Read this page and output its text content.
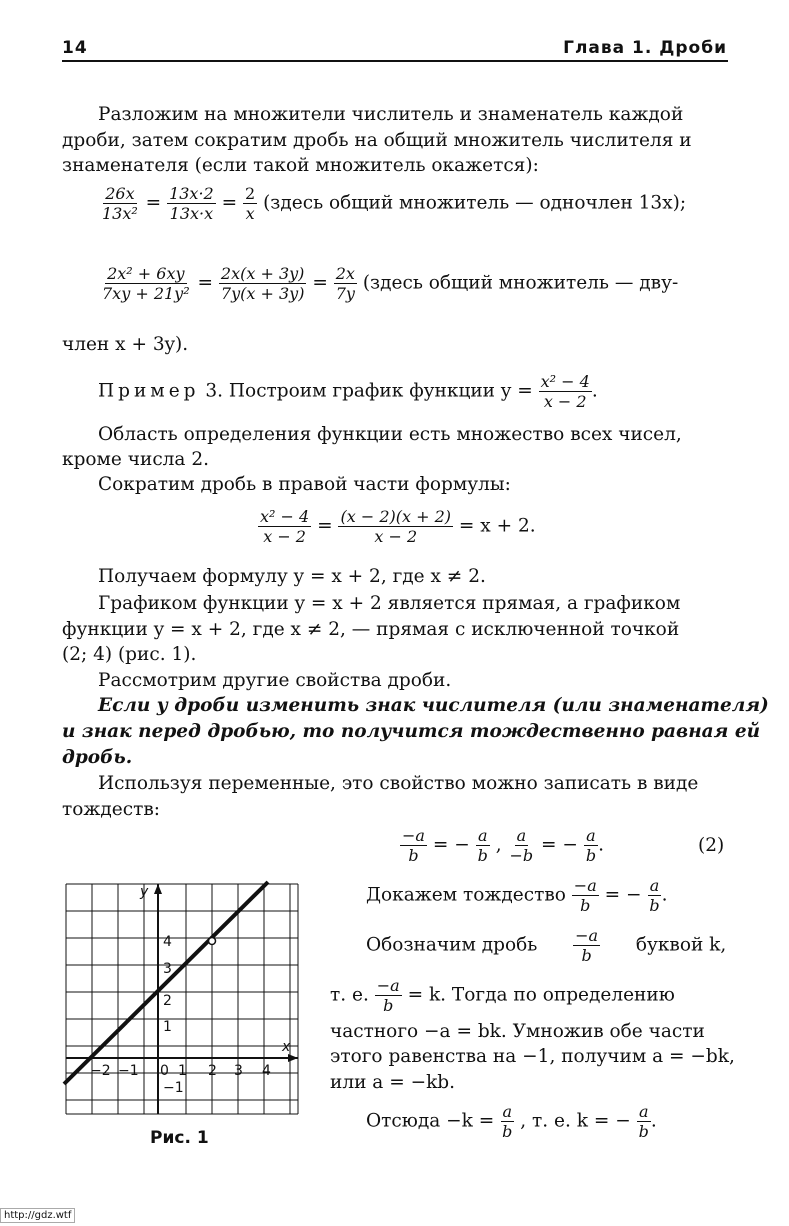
14	Глава 1. Дроби
Разложим на множители числитель и знаменатель каждой
дроби, затем сократим дробь на общий множитель числителя и
знаменателя (если такой множитель окажется):
$\frac{26x}{\text{13x²}} = \frac{13x\cdot 2}{13x\cdot x} = \frac{2}{x}$ (здесь общий множитель — одночлен 13x);
$\frac{\text{2x² + 6xy}}{\text{7xy + 21y²}} = \frac{2x(x + 3y)}{7y(x + 3y)} = \frac{2x}{7y}$ (здесь общий множитель — дву-
член x + 3y).
Пример 3. Построим график функции $y = \frac{\text{x² − 4}}{x - 2}$ .
Область определения функции есть множество всех чисел,
кроме числа 2.
Сократим дробь в правой части формулы:
$\frac{\text{x² − 4}}{x - 2} = \frac{(x - 2)(x + 2)}{x - 2} = x + 2$.
Получаем формулу y = x + 2, где x ≠ 2.
Графиком функции y = x + 2 является прямая, а графиком
функции y = x + 2, где x ≠ 2, — прямая с исключенной точкой
(2; 4) (рис. 1).
Рассмотрим другие свойства дроби.
Если у дроби изменить знак числителя (или знаменателя)
и знак перед дробью, то получится тождественно равная ей
дробь.
Используя переменные, это свойство можно записать в виде
тождеств:
$\frac{-a}{b}$ = − $\frac{a}{b}$ , $\frac{a}{-b}$ = − $\frac{a}{b}$ .	(2)
Докажем тождество $\frac{-a}{b}$ = − $\frac{a}{b}$ .
Обозначим дробь $\frac{-a}{b}$ буквой k,
т. е. $\frac{-a}{b} = k$. Тогда по определению
частного −a = bk. Умножив обе части
этого равенства на −1, получим a = −bk,
или a = −kb.
Отсюда $-k = \frac{a}{b}$ , т. е. k = − $\frac{a}{b}$ .
y
x
4
3
2
1
−1
−2 −1 0 1 2 3 4
Рис. 1
http://gdz.wtf
